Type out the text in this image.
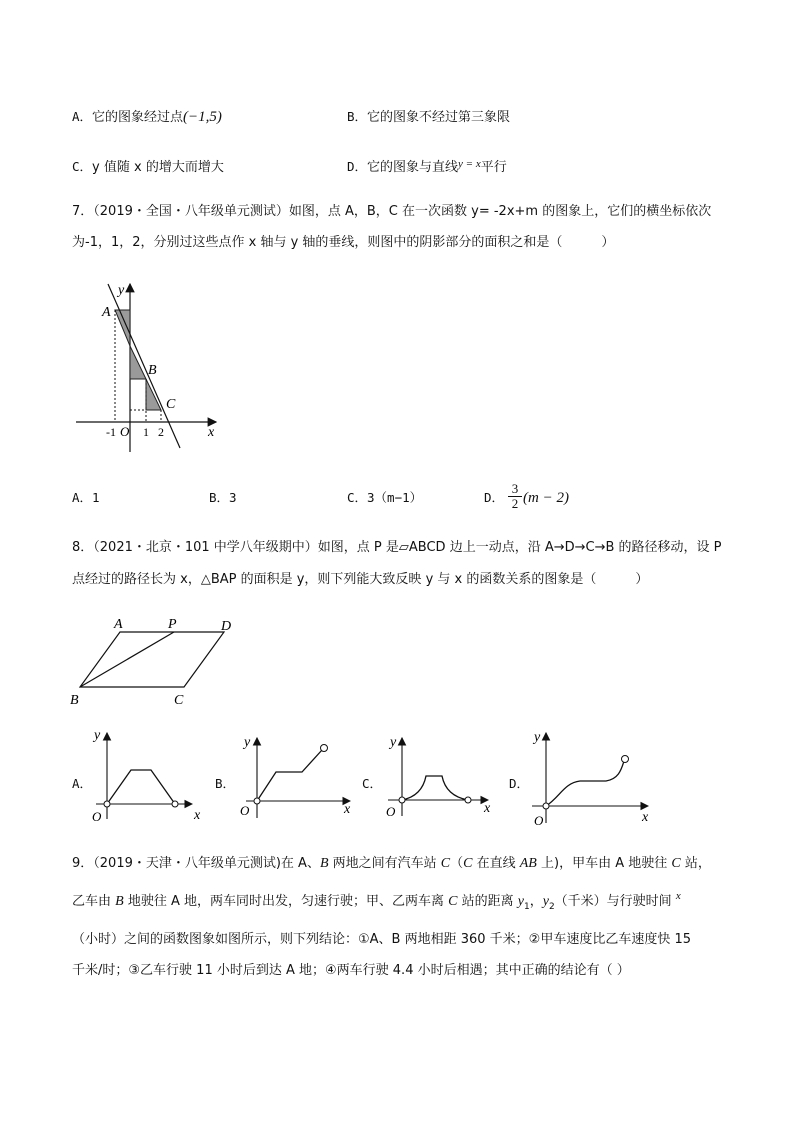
A．它的图象经过点(−1,5)	B．它的图象不经过第三象限
C．y 值随 x 的增大而增大	D．它的图象与直线$^{y = x}$平行
7．（2019・全国・八年级单元测试）如图，点 A，B，C 在一次函数 y= -2x+m 的图象上，它们的横坐标依次
为-1，1，2，分别过这些点作 x 轴与 y 轴的垂线，则图中的阴影部分的面积之和是（　　　）
A
B
C
y
x
-1 O 1 2
A．1	B．3	C．3（m−1）	D． $\frac{3}{2} (m - 2)$
8．（2021・北京・101 中学八年级期中）如图，点 P 是▱ABCD 边上一动点，沿 A→D→C→B 的路径移动，设 P
点经过的路径长为 x，△BAP 的面积是 y，则下列能大致反映 y 与 x 的函数关系的图象是（　　　）
A	P	D
B	C
A．
y
x
O
B．
y
x
O
C．
y
x
O
D．
y
x
O
9．（2019・天津・八年级单元测试)在 A、B 两地之间有汽车站 C（C 在直线 AB 上)，甲车由 A 地驶往 C 站，
乙车由 B 地驶往 A 地，两车同时出发，匀速行驶；甲、乙两车离 C 站的距离 $y_1$，$y_2$（千米）与行驶时间 $^x$
（小时）之间的函数图象如图所示，则下列结论：①A、B 两地相距 360 千米；②甲车速度比乙车速度快 15
千米/时；③乙车行驶 11 小时后到达 A 地；④两车行驶 4.4 小时后相遇；其中正确的结论有（ ）
